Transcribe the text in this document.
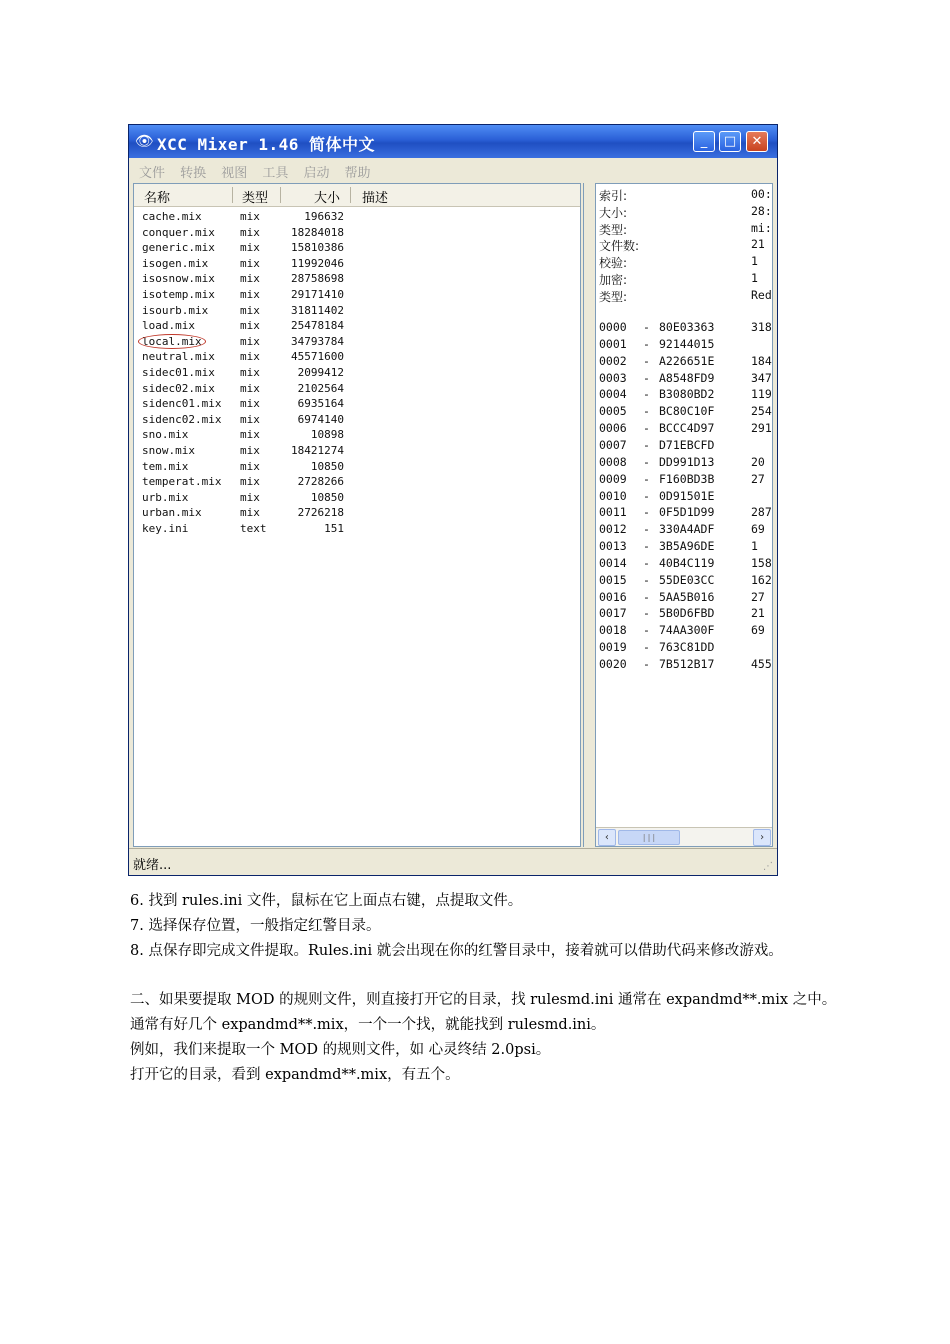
👁 XCC Mixer 1.46 简体中文	_	□	✕
文件 转换 视图 工具 启动 帮助
名称	类型	大小 描述
cache.mix	mix	196632
conquer.mix mix	18284018
generic.mix mix	15810386
isogen.mix	mix	11992046
isosnow.mix mix	28758698
isotemp.mix mix	29171410
isourb.mix	mix	31811402
load.mix	mix	25478184
local.mix	mix	34793784
neutral.mix mix	45571600
sidec01.mix mix	2099412
sidec02.mix mix	2102564
sidenc01.mix mix	6935164
sidenc02.mix mix	6974140
sno.mix	mix	10898
snow.mix	mix	18421274
tem.mix	mix	10850
temperat.mix mix	2728266
urb.mix	mix	10850
urban.mix	mix	2726218
key.ini	text	151
‹	|||	›
索引:	00:
大小:	28:
类型:	mi:
文件数:	21
校验:	1
加密:	1
类型:	Red
0000 - 80E03363	318
0001 - 92144015
0002 - A226651E	184
0003 - A8548FD9	347
0004 - B3080BD2	119
0005 - BC80C10F	254
0006 - BCCC4D97	291
0007 - D71EBCFD
0008 - DD991D13	20
0009 - F160BD3B	27
0010 - 0D91501E
0011 - 0F5D1D99	287
0012 - 330A4ADF	69
0013 - 3B5A96DE	1
0014 - 40B4C119	158
0015 - 55DE03CC	162
0016 - 5AA5B016	27
0017 - 5B0D6FBD	21
0018 - 74AA300F	69
0019 - 763C81DD
0020 - 7B512B17	455
就绪...	⋰
6. 找到 rules.ini 文件，鼠标在它上面点右键，点提取文件。
7. 选择保存位置，一般指定红警目录。
8. 点保存即完成文件提取。Rules.ini 就会出现在你的红警目录中，接着就可以借助代码来修改游戏。
二、如果要提取 MOD 的规则文件，则直接打开它的目录，找 rulesmd.ini 通常在 expandmd**.mix 之中。
通常有好几个 expandmd**.mix，一个一个找，就能找到 rulesmd.ini。
例如，我们来提取一个 MOD 的规则文件，如 心灵终结 2.0psi。
打开它的目录，看到 expandmd**.mix，有五个。
